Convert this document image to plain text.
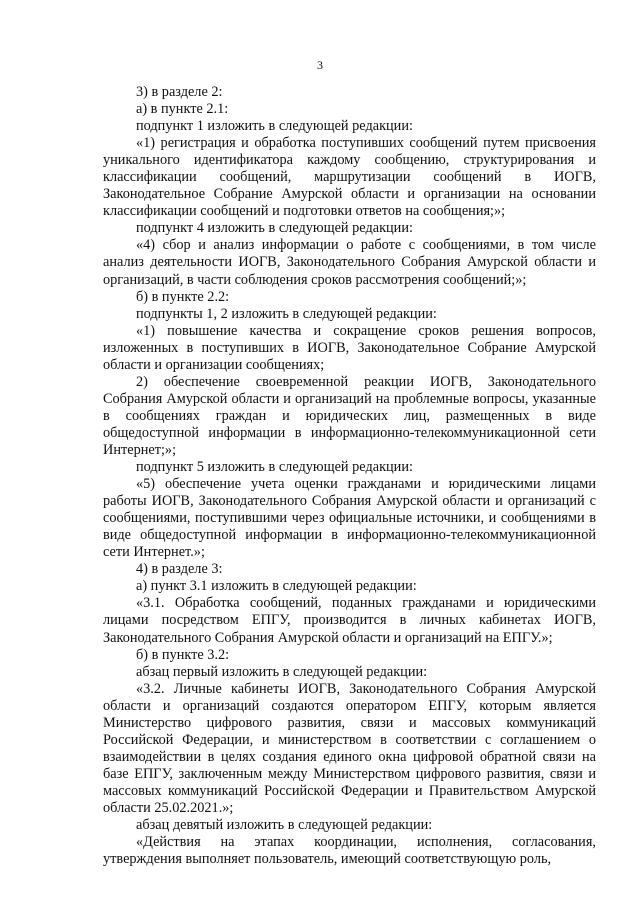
3

3) в разделе 2:

а) в пункте 2.1:

подпункт 1 изложить в следующей редакции:

«1) регистрация и обработка поступивших сообщений путем присвоения уникального идентификатора каждому сообщению, структурирования и классификации сообщений, маршрутизации сообщений в ИОГВ, Законодательное Собрание Амурской области и организации на основании классификации сообщений и подготовки ответов на сообщения;»;

подпункт 4 изложить в следующей редакции:

«4) сбор и анализ информации о работе с сообщениями, в том числе анализ деятельности ИОГВ, Законодательного Собрания Амурской области и организаций, в части соблюдения сроков рассмотрения сообщений;»;

б) в пункте 2.2:

подпункты 1, 2 изложить в следующей редакции:

«1) повышение качества и сокращение сроков решения вопросов, изложенных в поступивших в ИОГВ, Законодательное Собрание Амурской области и организации сообщениях;

2) обеспечение своевременной реакции ИОГВ, Законодательного Собрания Амурской области и организаций на проблемные вопросы, указанные в сообщениях граждан и юридических лиц, размещенных в виде общедоступной информации в информационно-телекоммуникационной сети Интернет;»;

подпункт 5 изложить в следующей редакции:

«5) обеспечение учета оценки гражданами и юридическими лицами работы ИОГВ, Законодательного Собрания Амурской области и организаций с сообщениями, поступившими через официальные источники, и сообщениями в виде общедоступной информации в информационно-телекоммуникационной сети Интернет.»;

4) в разделе 3:

а) пункт 3.1 изложить в следующей редакции:

«3.1. Обработка сообщений, поданных гражданами и юридическими лицами посредством ЕПГУ, производится в личных кабинетах ИОГВ, Законодательного Собрания Амурской области и организаций на ЕПГУ.»;

б) в пункте 3.2:

абзац первый изложить в следующей редакции:

«3.2. Личные кабинеты ИОГВ, Законодательного Собрания Амурской области и организаций создаются оператором ЕПГУ, которым является Министерство цифрового развития, связи и массовых коммуникаций Российской Федерации, и министерством в соответствии с соглашением о взаимодействии в целях создания единого окна цифровой обратной связи на базе ЕПГУ, заключенным между Министерством цифрового развития, связи и массовых коммуникаций Российской Федерации и Правительством Амурской области 25.02.2021.»;

абзац девятый изложить в следующей редакции:

«Действия на этапах координации, исполнения, согласования, утверждения выполняет пользователь, имеющий соответствующую роль,
